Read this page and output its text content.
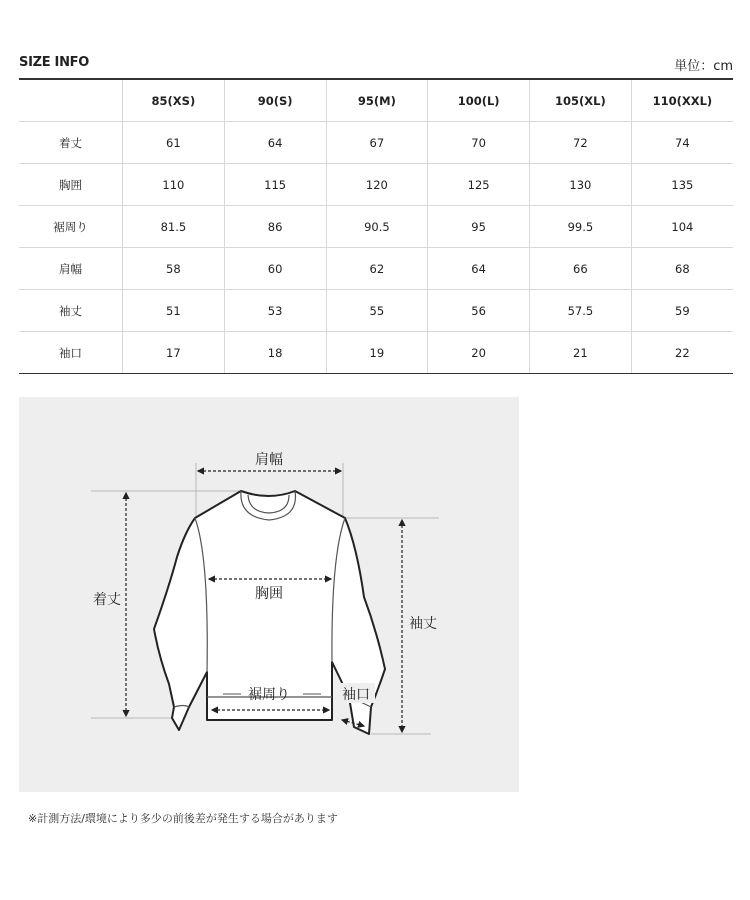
SIZE INFO	単位：cm
	85(XS)	90(S)	95(M)	100(L)	105(XL)	110(XXL)
着丈	61	64	67	70	72	74
胸囲	110	115	120	125	130	135
裾周り	81.5	86	90.5	95	99.5	104
肩幅	58	60	62	64	66	68
袖丈	51	53	55	56	57.5	59
袖口	17	18	19	20	21	22
肩幅
着丈	胸囲
袖丈
裾周り	袖口
※計測方法/環境により多少の前後差が発生する場合があります
